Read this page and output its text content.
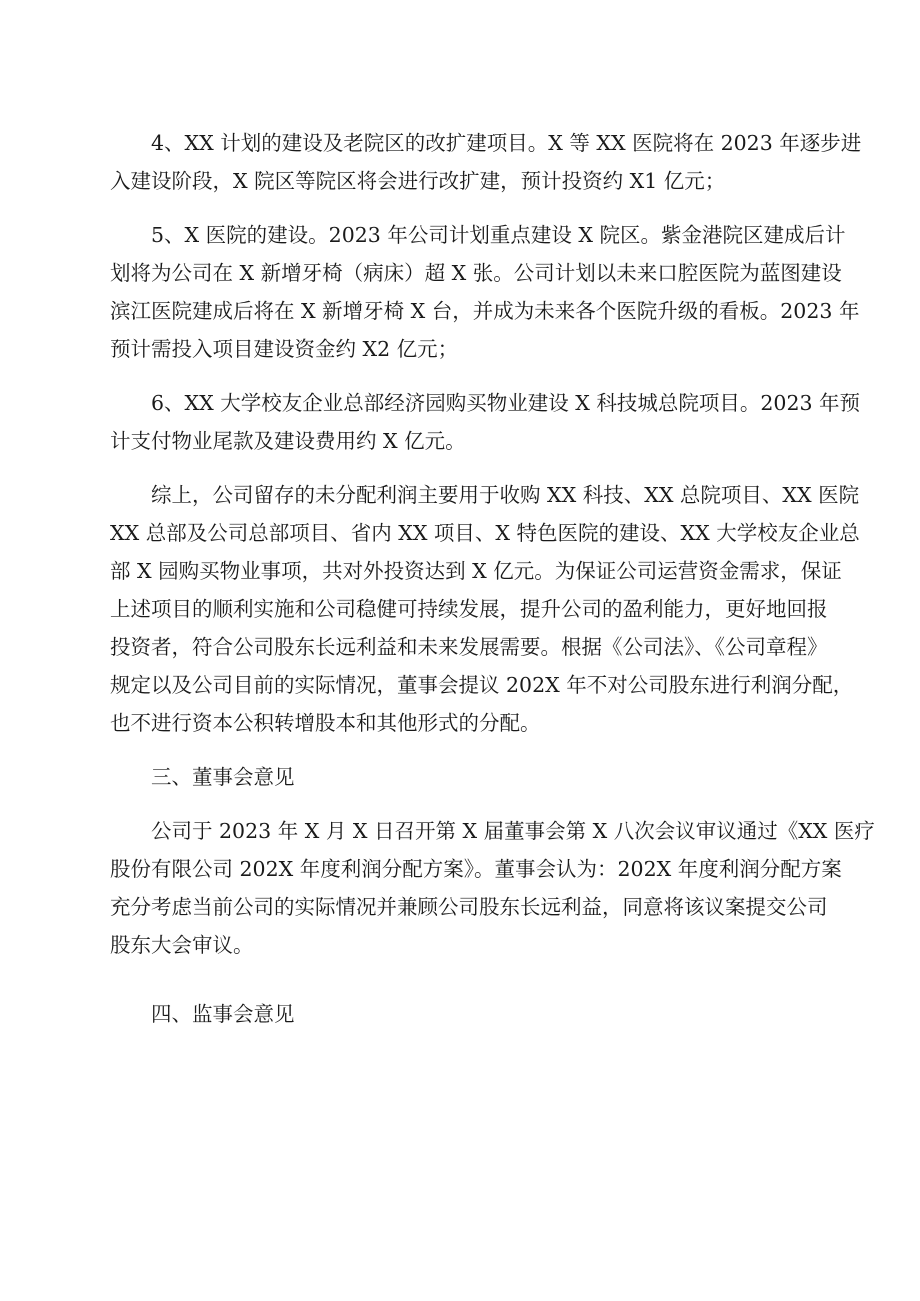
4、XX 计划的建设及老院区的改扩建项目。X 等 XX 医院将在 2023 年逐步进
入建设阶段，X 院区等院区将会进行改扩建，预计投资约 X1 亿元；
5、X 医院的建设。2023 年公司计划重点建设 X 院区。紫金港院区建成后计
划将为公司在 X 新增牙椅（病床）超 X 张。公司计划以未来口腔医院为蓝图建设
滨江医院建成后将在 X 新增牙椅 X 台，并成为未来各个医院升级的看板。2023 年
预计需投入项目建设资金约 X2 亿元；
6、XX 大学校友企业总部经济园购买物业建设 X 科技城总院项目。2023 年预
计支付物业尾款及建设费用约 X 亿元。
综上，公司留存的未分配利润主要用于收购 XX 科技、XX 总院项目、XX 医院
XX 总部及公司总部项目、省内 XX 项目、X 特色医院的建设、XX 大学校友企业总
部 X 园购买物业事项，共对外投资达到 X 亿元。为保证公司运营资金需求，保证
上述项目的顺利实施和公司稳健可持续发展，提升公司的盈利能力，更好地回报
投资者，符合公司股东长远利益和未来发展需要。根据《公司法》、《公司章程》
规定以及公司目前的实际情况，董事会提议 202X 年不对公司股东进行利润分配，
也不进行资本公积转增股本和其他形式的分配。
三、董事会意见
公司于 2023 年 X 月 X 日召开第 X 届董事会第 X 八次会议审议通过《XX 医疗
股份有限公司 202X 年度利润分配方案》。董事会认为：202X 年度利润分配方案
充分考虑当前公司的实际情况并兼顾公司股东长远利益，同意将该议案提交公司
股东大会审议。
四、监事会意见
